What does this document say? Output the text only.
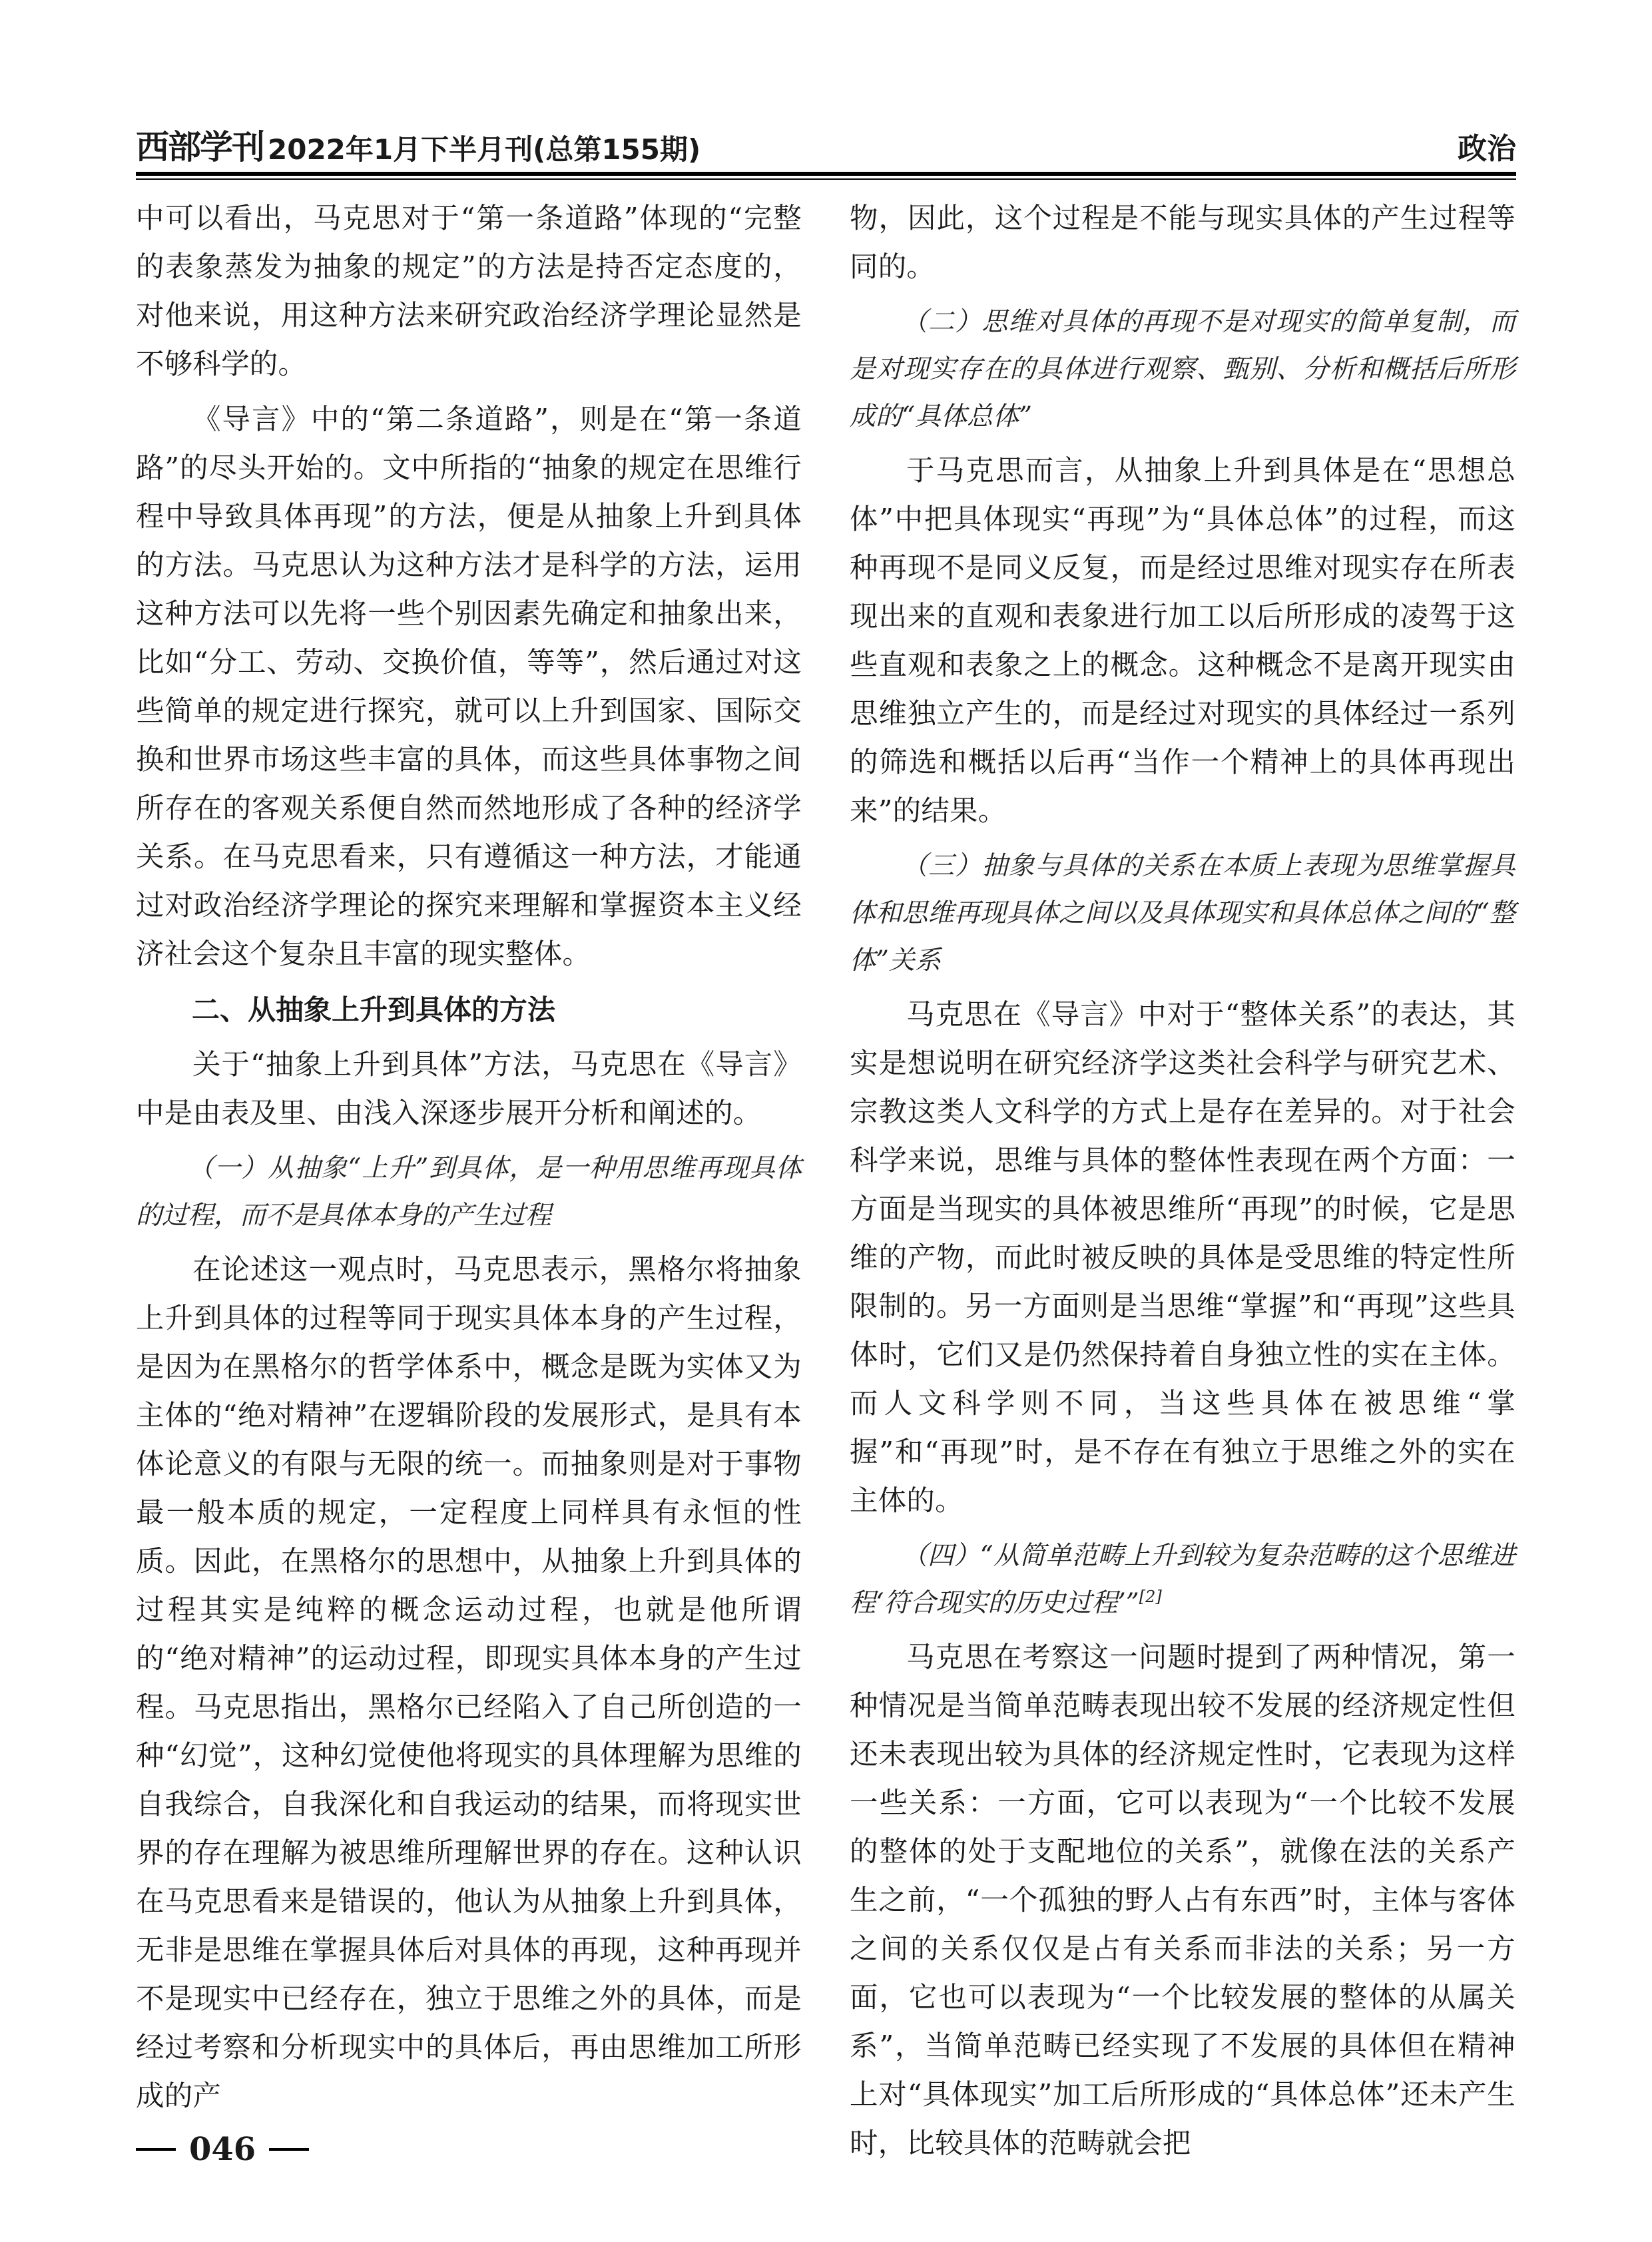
西部学刊 2022年1月下半月刊(总第155期)	政治

中可以看出，马克思对于“第一条道路”体现的“完整的表象蒸发为抽象的规定”的方法是持否定态度的，对他来说，用这种方法来研究政治经济学理论显然是不够科学的。

《导言》中的“第二条道路”，则是在“第一条道路”的尽头开始的。文中所指的“抽象的规定在思维行程中导致具体再现”的方法，便是从抽象上升到具体的方法。马克思认为这种方法才是科学的方法，运用这种方法可以先将一些个别因素先确定和抽象出来，比如“分工、劳动、交换价值，等等”，然后通过对这些简单的规定进行探究，就可以上升到国家、国际交换和世界市场这些丰富的具体，而这些具体事物之间所存在的客观关系便自然而然地形成了各种的经济学关系。在马克思看来，只有遵循这一种方法，才能通过对政治经济学理论的探究来理解和掌握资本主义经济社会这个复杂且丰富的现实整体。

二、从抽象上升到具体的方法

关于“抽象上升到具体”方法，马克思在《导言》中是由表及里、由浅入深逐步展开分析和阐述的。

（一）从抽象“上升”到具体，是一种用思维再现具体的过程，而不是具体本身的产生过程

在论述这一观点时，马克思表示，黑格尔将抽象上升到具体的过程等同于现实具体本身的产生过程，是因为在黑格尔的哲学体系中，概念是既为实体又为主体的“绝对精神”在逻辑阶段的发展形式，是具有本体论意义的有限与无限的统一。而抽象则是对于事物最一般本质的规定，一定程度上同样具有永恒的性质。因此，在黑格尔的思想中，从抽象上升到具体的过程其实是纯粹的概念运动过程，也就是他所谓的“绝对精神”的运动过程，即现实具体本身的产生过程。马克思指出，黑格尔已经陷入了自己所创造的一种“幻觉”，这种幻觉使他将现实的具体理解为思维的自我综合，自我深化和自我运动的结果，而将现实世界的存在理解为被思维所理解世界的存在。这种认识在马克思看来是错误的，他认为从抽象上升到具体，无非是思维在掌握具体后对具体的再现，这种再现并不是现实中已经存在，独立于思维之外的具体，而是经过考察和分析现实中的具体后，再由思维加工所形成的产

物，因此，这个过程是不能与现实具体的产生过程等同的。

（二）思维对具体的再现不是对现实的简单复制，而是对现实存在的具体进行观察、甄别、分析和概括后所形成的“具体总体”

于马克思而言，从抽象上升到具体是在“思想总体”中把具体现实“再现”为“具体总体”的过程，而这种再现不是同义反复，而是经过思维对现实存在所表现出来的直观和表象进行加工以后所形成的凌驾于这些直观和表象之上的概念。这种概念不是离开现实由思维独立产生的，而是经过对现实的具体经过一系列的筛选和概括以后再“当作一个精神上的具体再现出来”的结果。

（三）抽象与具体的关系在本质上表现为思维掌握具体和思维再现具体之间以及具体现实和具体总体之间的“整体”关系

马克思在《导言》中对于“整体关系”的表达，其实是想说明在研究经济学这类社会科学与研究艺术、宗教这类人文科学的方式上是存在差异的。对于社会科学来说，思维与具体的整体性表现在两个方面：一方面是当现实的具体被思维所“再现”的时候，它是思维的产物，而此时被反映的具体是受思维的特定性所限制的。另一方面则是当思维“掌握”和“再现”这些具体时，它们又是仍然保持着自身独立性的实在主体。而人文科学则不同，当这些具体在被思维“掌握”和“再现”时，是不存在有独立于思维之外的实在主体的。

（四）“从简单范畴上升到较为复杂范畴的这个思维进程‘符合现实的历史过程’”[2]

马克思在考察这一问题时提到了两种情况，第一种情况是当简单范畴表现出较不发展的经济规定性但还未表现出较为具体的经济规定性时，它表现为这样一些关系：一方面，它可以表现为“一个比较不发展的整体的处于支配地位的关系”，就像在法的关系产生之前，“一个孤独的野人占有东西”时，主体与客体之间的关系仅仅是占有关系而非法的关系；另一方面，它也可以表现为“一个比较发展的整体的从属关系”，当简单范畴已经实现了不发展的具体但在精神上对“具体现实”加工后所形成的“具体总体”还未产生时，比较具体的范畴就会把

046
